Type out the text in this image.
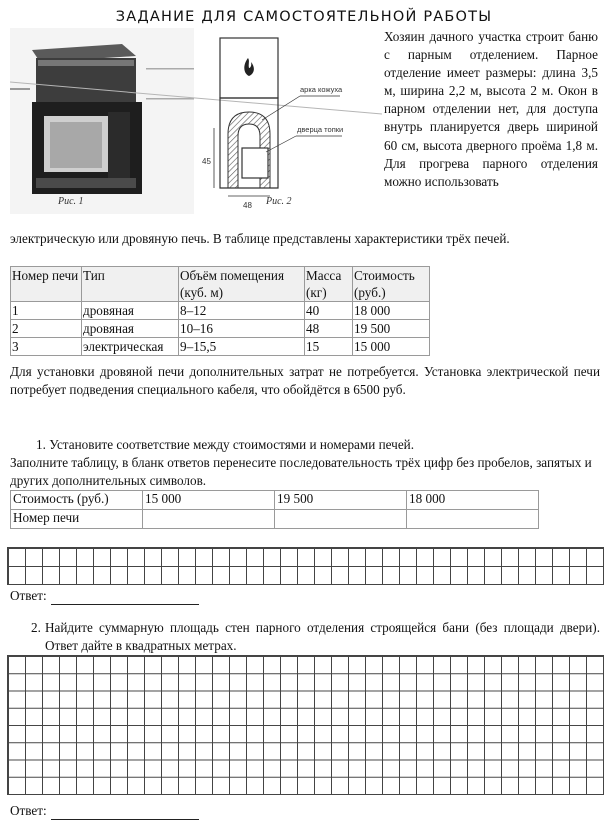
ЗАДАНИЕ ДЛЯ САМОСТОЯТЕЛЬНОЙ РАБОТЫ
Рис. 1
45
48
арка кожуха
дверца топки
Рис. 2
Хозяин дачного участка строит баню с парным отделением. Парное отделение имеет размеры: длина 3,5 м, ширина 2,2 м, высота 2 м. Окон в парном отделении нет, для доступа внутрь планируется дверь шириной 60 см, высота дверного проёма 1,8 м. Для прогрева парного отделения можно использовать
электрическую или дровяную печь. В таблице представлены характеристики трёх печей.
Номер печи	Тип	Объём помещения (куб. м)	Масса (кг)	Стоимость (руб.)
1	дровяная	8–12	40	18 000
2	дровяная	10–16	48	19 500
3	электрическая	9–15,5	15	15 000
Для установки дровяной печи дополнительных затрат не потребуется. Установка электрической печи потребует подведения специального кабеля, что обойдётся в 6500 руб.
1. Установите соответствие между стоимостями и номерами печей.
Заполните таблицу, в бланк ответов перенесите последовательность трёх цифр без пробелов, запятых и других дополнительных символов.
Стоимость (руб.)	15 000	19 500	18 000
Номер печи			
Ответ:
2. Найдите суммарную площадь стен парного отделения строящейся бани (без площади двери). Ответ дайте в квадратных метрах.
Ответ:
